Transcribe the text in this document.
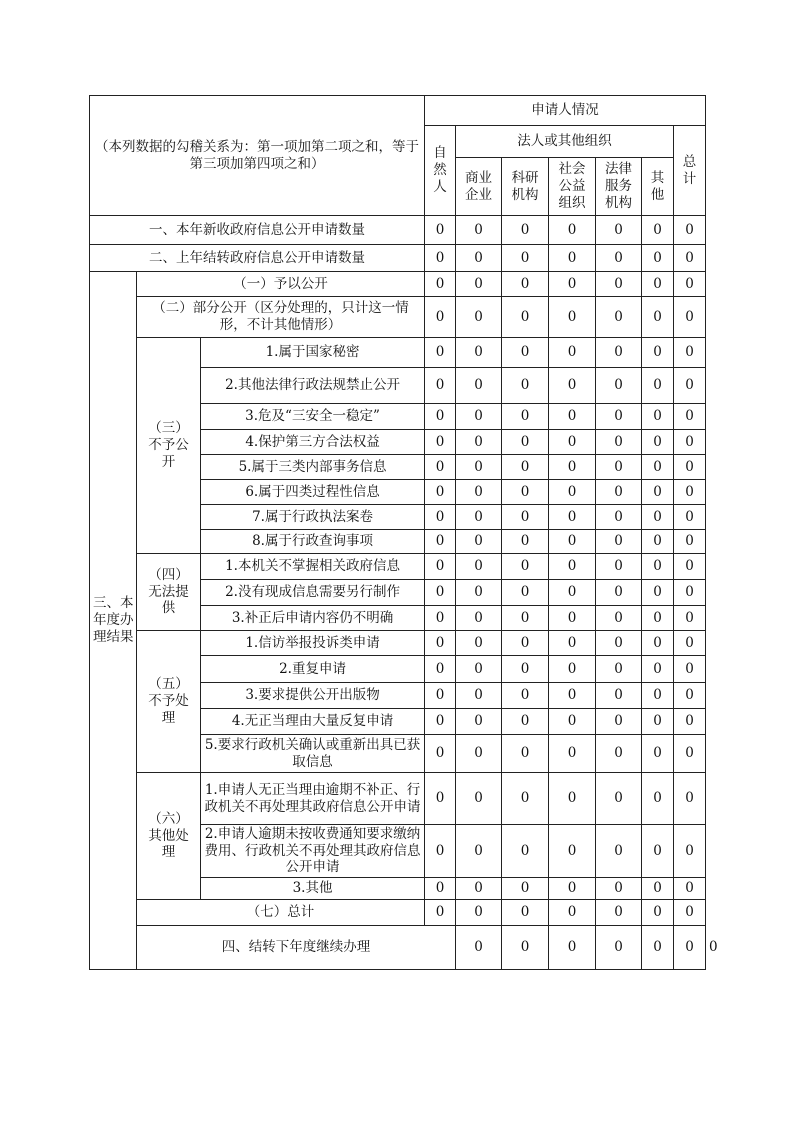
（本列数据的勾稽关系为：第一项加第二项之和，等于第三项加第四项之和）			申请人情况							

			自然人	法人或其他组织					总计	

				商业企业	科研机构	社会公益组织	法律服务机构	其他		

一、本年新收政府信息公开申请数量			0	0	0	0	0	0	0	
二、上年结转政府信息公开申请数量			0	0	0	0	0	0	0	

三、本年度办理结果	（一）予以公开		0	0	0	0	0	0	0	
	（二）部分公开（区分处理的，只计这一情形，不计其他情形）		0	0	0	0	0	0	0	

	（三）不予公开	1.属于国家秘密	0	0	0	0	0	0	0	
		2.其他法律行政法规禁止公开	0	0	0	0	0	0	0	
		3.危及“三安全一稳定”	0	0	0	0	0	0	0	
		4.保护第三方合法权益	0	0	0	0	0	0	0	
		5.属于三类内部事务信息	0	0	0	0	0	0	0	
		6.属于四类过程性信息	0	0	0	0	0	0	0	
		7.属于行政执法案卷	0	0	0	0	0	0	0	
		8.属于行政查询事项	0	0	0	0	0	0	0	

	（四）无法提供	1.本机关不掌握相关政府信息	0	0	0	0	0	0	0	
		2.没有现成信息需要另行制作	0	0	0	0	0	0	0	
		3.补正后申请内容仍不明确	0	0	0	0	0	0	0	

	（五）不予处理	1.信访举报投诉类申请	0	0	0	0	0	0	0	
		2.重复申请	0	0	0	0	0	0	0	
		3.要求提供公开出版物	0	0	0	0	0	0	0	
		4.无正当理由大量反复申请	0	0	0	0	0	0	0	
		5.要求行政机关确认或重新出具已获取信息	0	0	0	0	0	0	0	

	（六）其他处理	1.申请人无正当理由逾期不补正、行政机关不再处理其政府信息公开申请	0	0	0	0	0	0	0	
		2.申请人逾期未按收费通知要求缴纳费用、行政机关不再处理其政府信息公开申请	0	0	0	0	0	0	0	
		3.其他	0	0	0	0	0	0	0	
	（七）总计		0	0	0	0	0	0	0	
	四、结转下年度继续办理			0	0	0	0	0	0	0
